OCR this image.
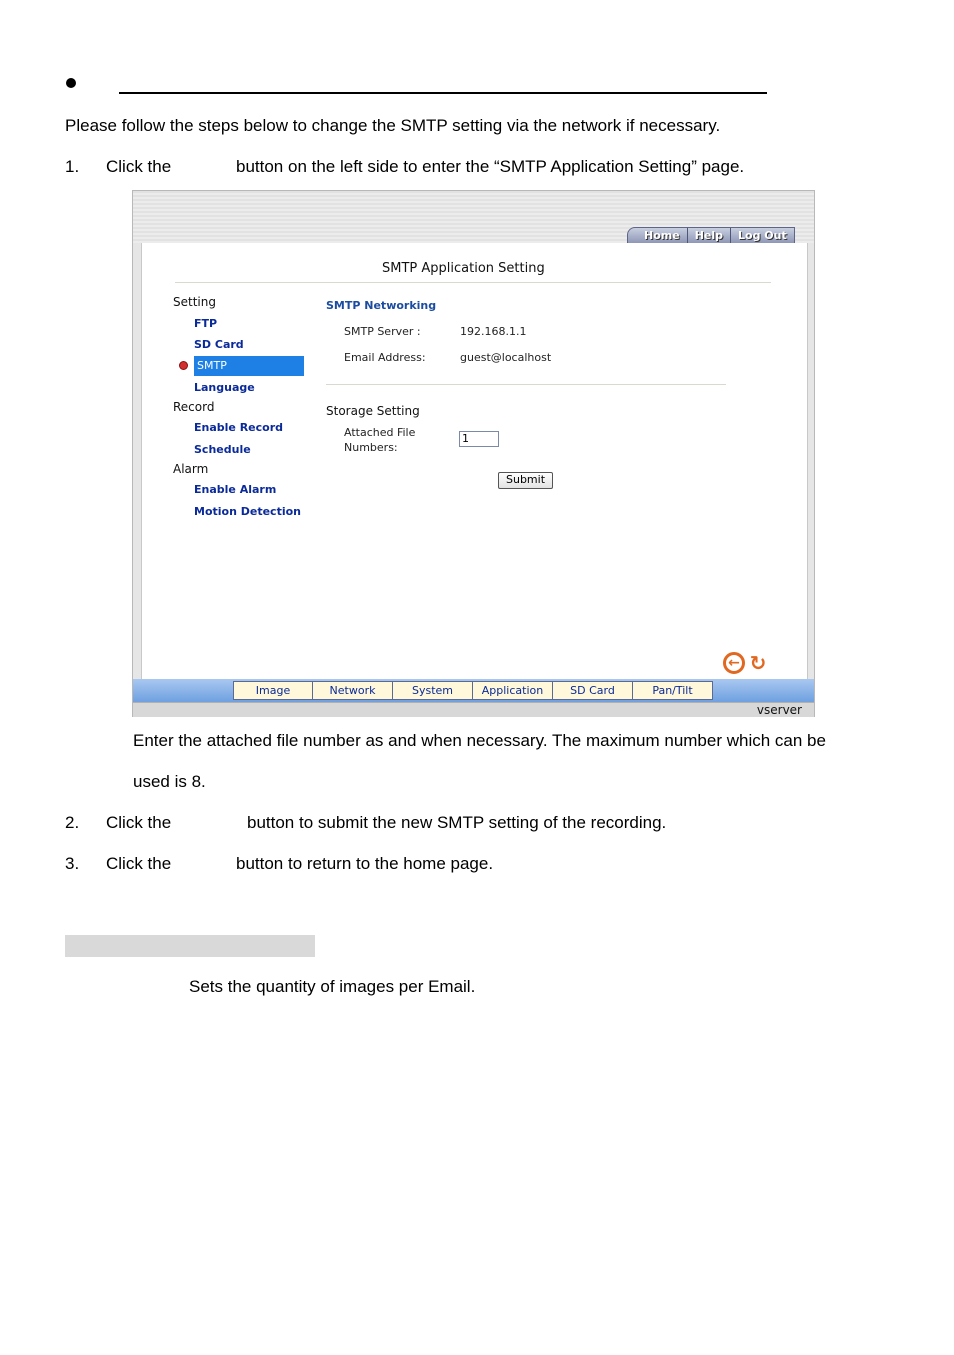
Please follow the steps below to change the SMTP setting via the network if necessary.
1. Click the	button on the left side to enter the “SMTP Application Setting” page.
Home	Help	Log Out
SMTP Application Setting
Setting
FTP
SD Card
SMTP
Language
Record
Enable Record
Schedule
Alarm
Enable Alarm
Motion Detection
SMTP Networking
SMTP Server :	192.168.1.1
Email Address:	guest@localhost
Storage Setting
Attached File
Numbers:
1
Submit
← ↻
Image	Network	System	Application	SD Card	Pan/Tilt
vserver
Enter the attached file number as and when necessary. The maximum number which can be
used is 8.
2. Click the	button to submit the new SMTP setting of the recording.
3. Click the	button to return to the home page.
Sets the quantity of images per Email.
